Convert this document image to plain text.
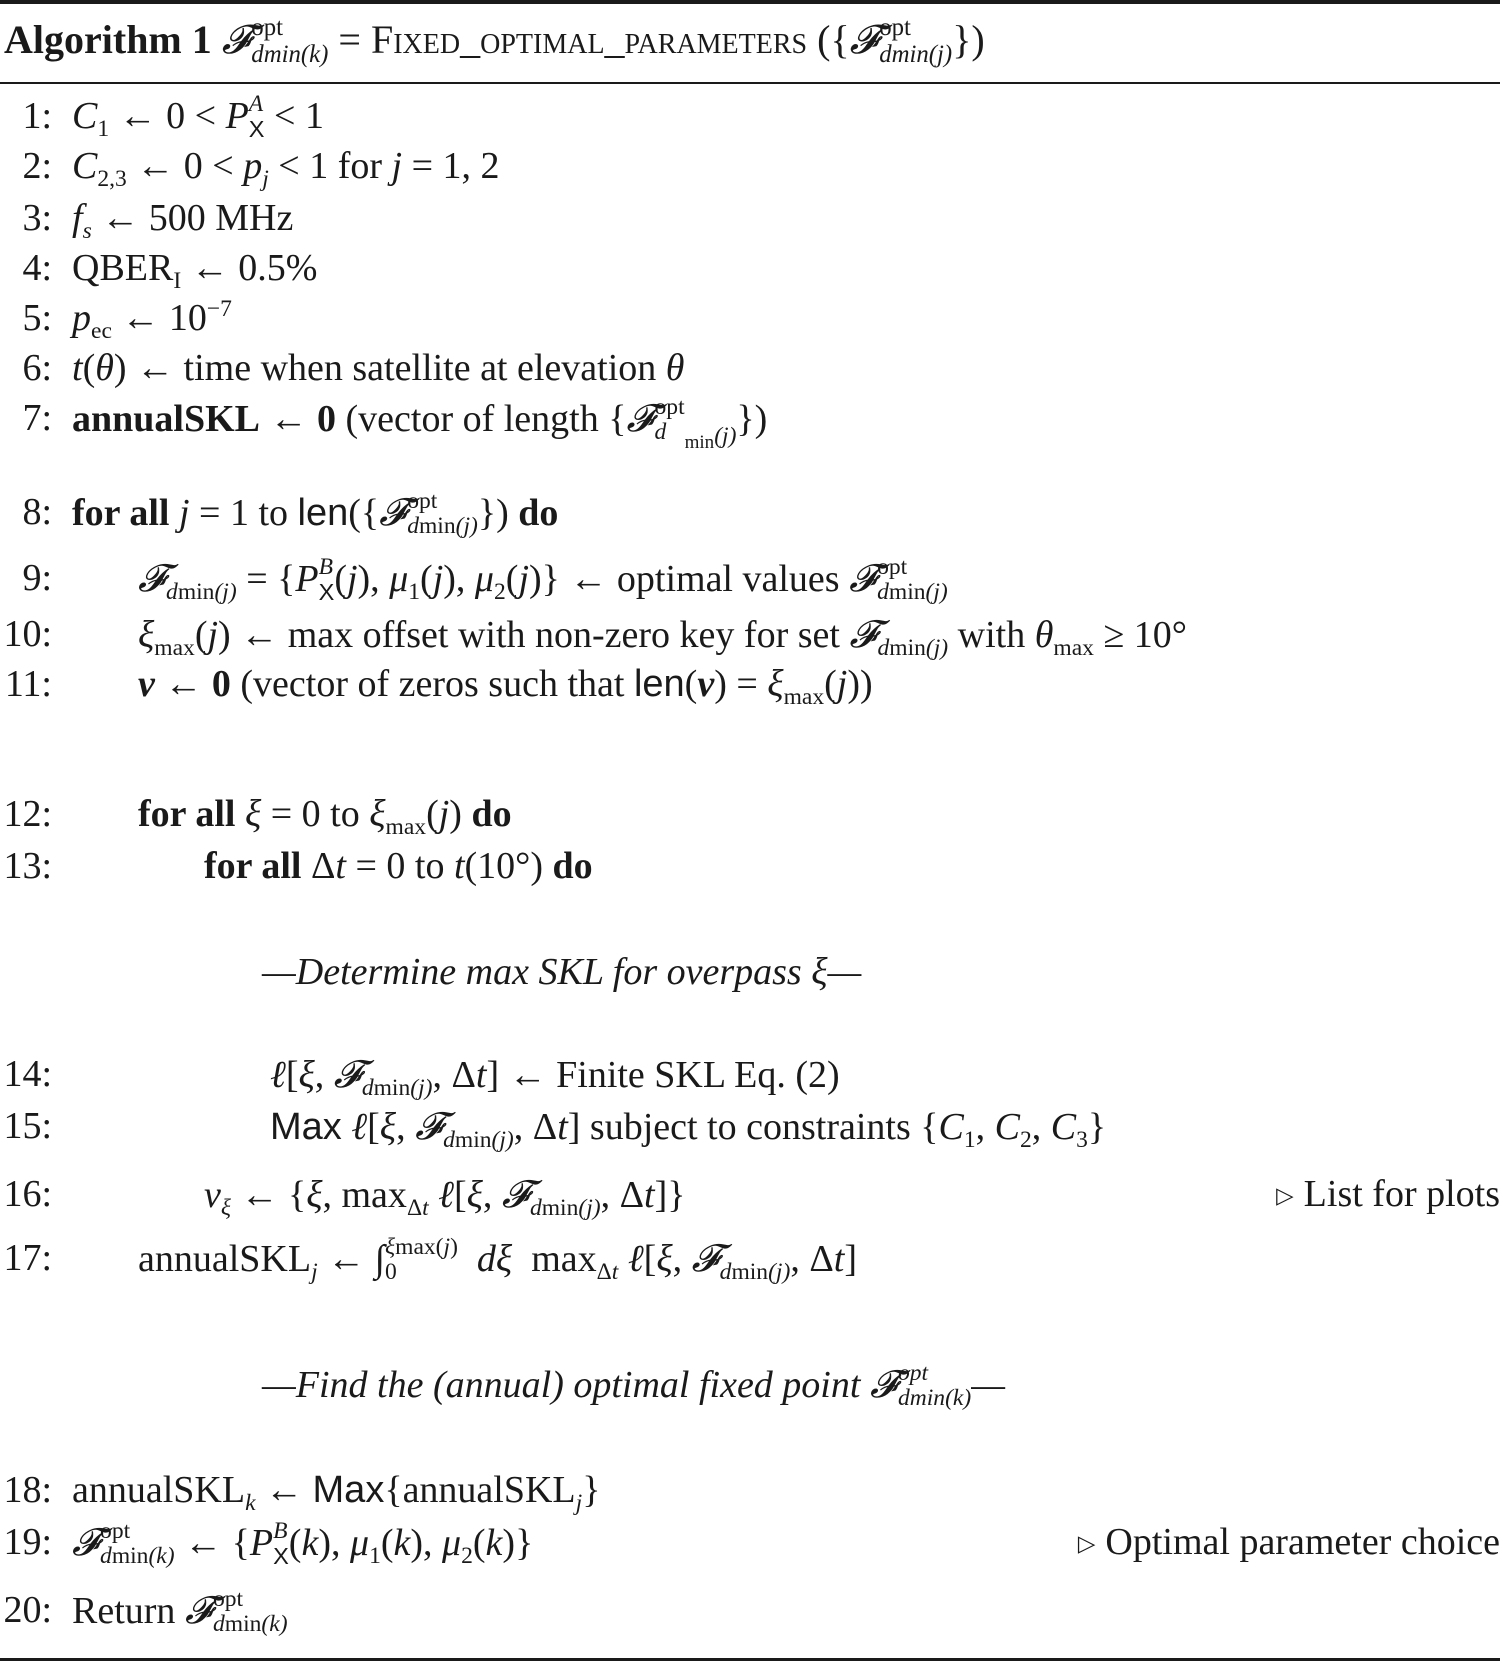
Algorithm 1 𝓕 opt
dmin(k) = Fixed_optimal_parameters ({𝓕 opt
dmin(j) })
1: $C_1$ ← 0 < P A
X < 1
2: $C_{2,3}$ ← $0 < p_j < 1$ for j = 1, 2
3: $f_s$ ← 500 MHz
4: $QBER_I$ ← 0.5%
5: $p_{ec}$ ← $10^{-7}$
6: t(θ) ← time when satellite at elevation θ
7: annualSKL ← 0 (vector of length {𝓕 opt
d $_{min(j)}$})
8: for all j = 1 to len({𝓕 opt
dmin(j) }) do
9: 𝓕$_{dmin(j)}$ = {P B
X (j), $\mu_1(j)$, $\mu_2(j)$} ← optimal values 𝓕 opt
dmin(j)
10: $\xi_{max}(j)$ ← max offset with non-zero key for set 𝓕$_{dmin(j)}$ with $\theta_{max} \ge 10^\circ$
11: v ← 0 (vector of zeros such that $len(v) = \xi_{max}(j)$)
12: for all ξ = 0 to $\xi_{max}(j)$ do
13:	for all Δt = 0 to t(10°) do
—Determine max SKL for overpass ξ—
14:	ℓ[ξ, 𝓕$_{dmin(j)}$, Δt] ← Finite SKL Eq. (2)
15:	Max ℓ[ξ, 𝓕$_{dmin(j)}$, Δt] subject to constraints {$C_1$, $C_2$, $C_3$}
16:	$v_\xi$ ← {ξ, $\max_{\Delta t}$ ℓ[ξ, 𝓕$_{dmin(j)}$, Δt]}	▷ List for plots
17: annualSKL$_j$ ← ∫ ξmax(j)
0	dξ  $\max_{\Delta t}$ ℓ[ξ, 𝓕$_{dmin(j)}$, Δt]
—Find the (annual) optimal fixed point 𝓕 opt
dmin(k) —
18: annualSKL$_k$ ← Max{annualSKL$_j$}
19: 𝓕 opt
dmin(k) ← {P B
X (k), $\mu_1(k)$, $\mu_2(k)$}	▷ Optimal parameter choice
20: Return 𝓕 opt
dmin(k)
